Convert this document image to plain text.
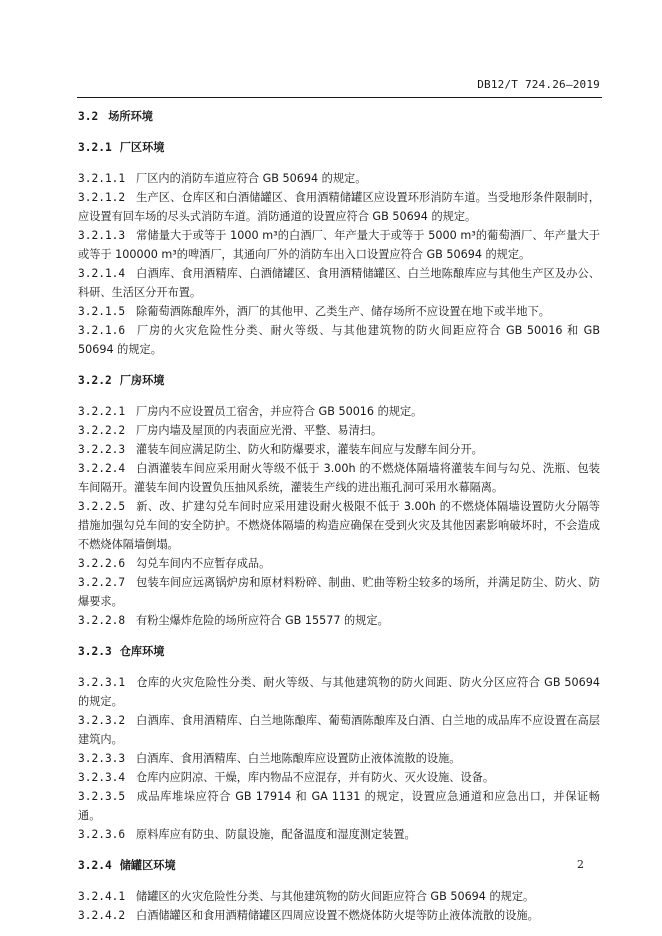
DB12/T 724.26—2019

3.2 场所环境

3.2.1 厂区环境

3.2.1.1 厂区内的消防车道应符合 GB 50694 的规定。

3.2.1.2 生产区、仓库区和白酒储罐区、食用酒精储罐区应设置环形消防车道。当受地形条件限制时，应设置有回车场的尽头式消防车道。消防通道的设置应符合 GB 50694 的规定。

3.2.1.3 常储量大于或等于 1000 m³的白酒厂、年产量大于或等于 5000 m³的葡萄酒厂、年产量大于或等于 100000 m³的啤酒厂，其通向厂外的消防车出入口设置应符合 GB 50694 的规定。

3.2.1.4 白酒库、食用酒精库、白酒储罐区、食用酒精储罐区、白兰地陈酿库应与其他生产区及办公、科研、生活区分开布置。

3.2.1.5 除葡萄酒陈酿库外，酒厂的其他甲、乙类生产、储存场所不应设置在地下或半地下。

3.2.1.6 厂房的火灾危险性分类、耐火等级、与其他建筑物的防火间距应符合 GB 50016 和 GB 50694 的规定。

3.2.2 厂房环境

3.2.2.1 厂房内不应设置员工宿舍，并应符合 GB 50016 的规定。

3.2.2.2 厂房内墙及屋顶的内表面应光滑、平整、易清扫。

3.2.2.3 灌装车间应满足防尘、防火和防爆要求，灌装车间应与发酵车间分开。

3.2.2.4 白酒灌装车间应采用耐火等级不低于 3.00h 的不燃烧体隔墙将灌装车间与勾兑、洗瓶、包装车间隔开。灌装车间内设置负压抽风系统，灌装生产线的进出瓶孔洞可采用水幕隔离。

3.2.2.5 新、改、扩建勾兑车间时应采用建设耐火极限不低于 3.00h 的不燃烧体隔墙设置防火分隔等措施加强勾兑车间的安全防护。不燃烧体隔墙的构造应确保在受到火灾及其他因素影响破坏时，不会造成不燃烧体隔墙倒塌。

3.2.2.6 勾兑车间内不应暂存成品。

3.2.2.7 包装车间应远离锅炉房和原材料粉碎、制曲、贮曲等粉尘较多的场所，并满足防尘、防火、防爆要求。

3.2.2.8 有粉尘爆炸危险的场所应符合 GB 15577 的规定。

3.2.3 仓库环境

3.2.3.1 仓库的火灾危险性分类、耐火等级、与其他建筑物的防火间距、防火分区应符合 GB 50694 的规定。

3.2.3.2 白酒库、食用酒精库、白兰地陈酿库、葡萄酒陈酿库及白酒、白兰地的成品库不应设置在高层建筑内。

3.2.3.3 白酒库、食用酒精库、白兰地陈酿库应设置防止液体流散的设施。

3.2.3.4 仓库内应阴凉、干燥，库内物品不应混存，并有防火、灭火设施、设备。

3.2.3.5 成品库堆垛应符合 GB 17914 和 GA 1131 的规定，设置应急通道和应急出口，并保证畅通。

3.2.3.6 原料库应有防虫、防鼠设施，配备温度和湿度测定装置。

3.2.4 储罐区环境

3.2.4.1 储罐区的火灾危险性分类、与其他建筑物的防火间距应符合 GB 50694 的规定。

3.2.4.2 白酒储罐区和食用酒精储罐区四周应设置不燃烧体防火堤等防止液体流散的设施。

2
